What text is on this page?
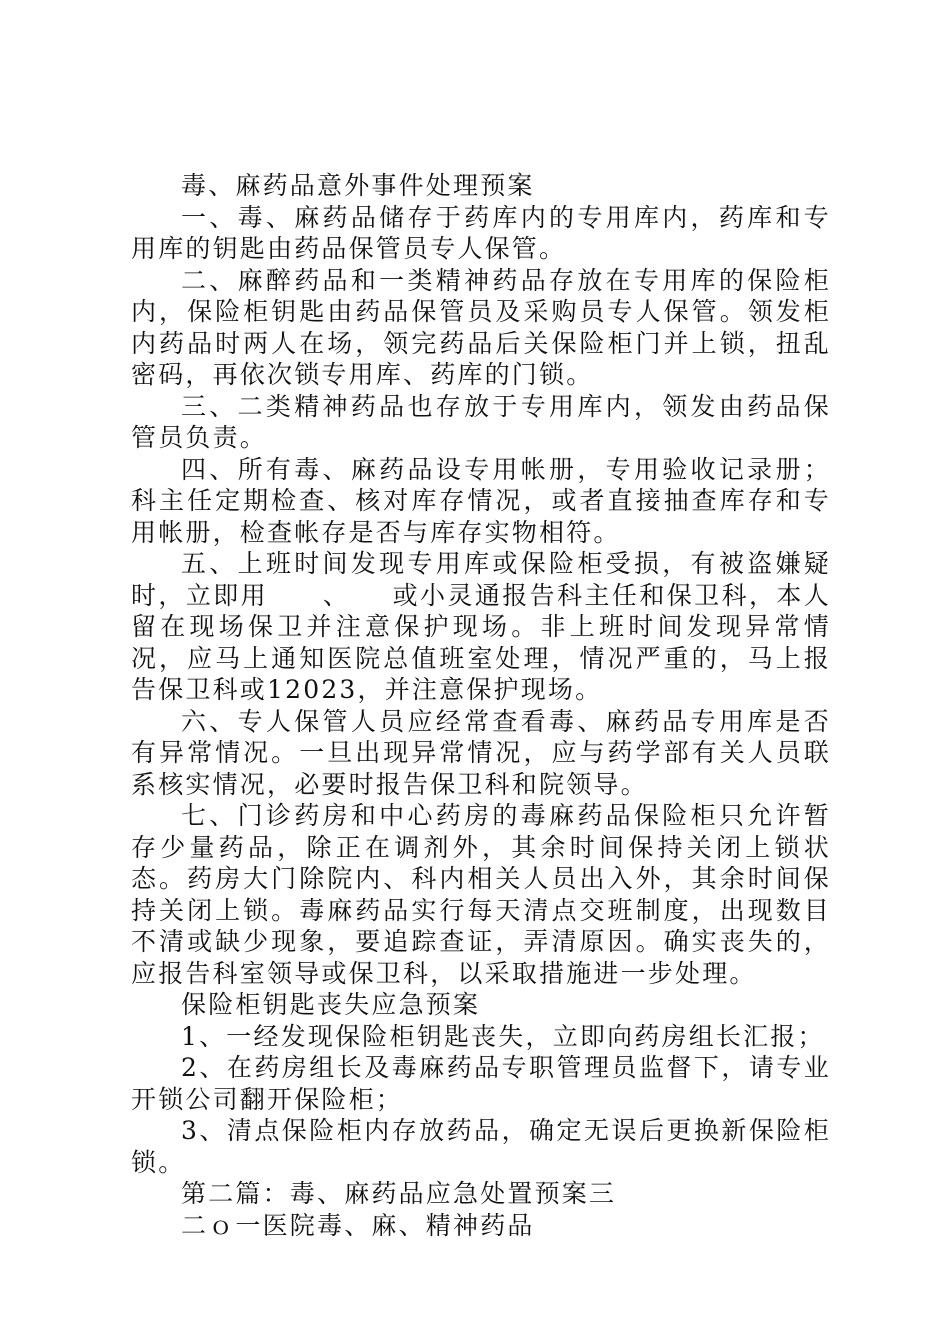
毒、麻药品意外事件处理预案

一、毒、麻药品储存于药库内的专用库内，药库和专用库的钥匙由药品保管员专人保管。

二、麻醉药品和一类精神药品存放在专用库的保险柜内，保险柜钥匙由药品保管员及采购员专人保管。领发柜内药品时两人在场，领完药品后关保险柜门并上锁，扭乱密码，再依次锁专用库、药库的门锁。

三、二类精神药品也存放于专用库内，领发由药品保管员负责。

四、所有毒、麻药品设专用帐册，专用验收记录册；科主任定期检查、核对库存情况，或者直接抽查库存和专用帐册，检查帐存是否与库存实物相符。

五、上班时间发现专用库或保险柜受损，有被盗嫌疑时，立即用　　、　　或小灵通报告科主任和保卫科，本人留在现场保卫并注意保护现场。非上班时间发现异常情况，应马上通知医院总值班室处理，情况严重的，马上报告保卫科或12023，并注意保护现场。

六、专人保管人员应经常查看毒、麻药品专用库是否有异常情况。一旦出现异常情况，应与药学部有关人员联系核实情况，必要时报告保卫科和院领导。

七、门诊药房和中心药房的毒麻药品保险柜只允许暂存少量药品，除正在调剂外，其余时间保持关闭上锁状态。药房大门除院内、科内相关人员出入外，其余时间保持关闭上锁。毒麻药品实行每天清点交班制度，出现数目不清或缺少现象，要追踪查证，弄清原因。确实丧失的，应报告科室领导或保卫科，以采取措施进一步处理。

保险柜钥匙丧失应急预案

1、一经发现保险柜钥匙丧失，立即向药房组长汇报；

2、在药房组长及毒麻药品专职管理员监督下，请专业开锁公司翻开保险柜；

3、清点保险柜内存放药品，确定无误后更换新保险柜锁。

第二篇：毒、麻药品应急处置预案三

二ｏ一医院毒、麻、精神药品
